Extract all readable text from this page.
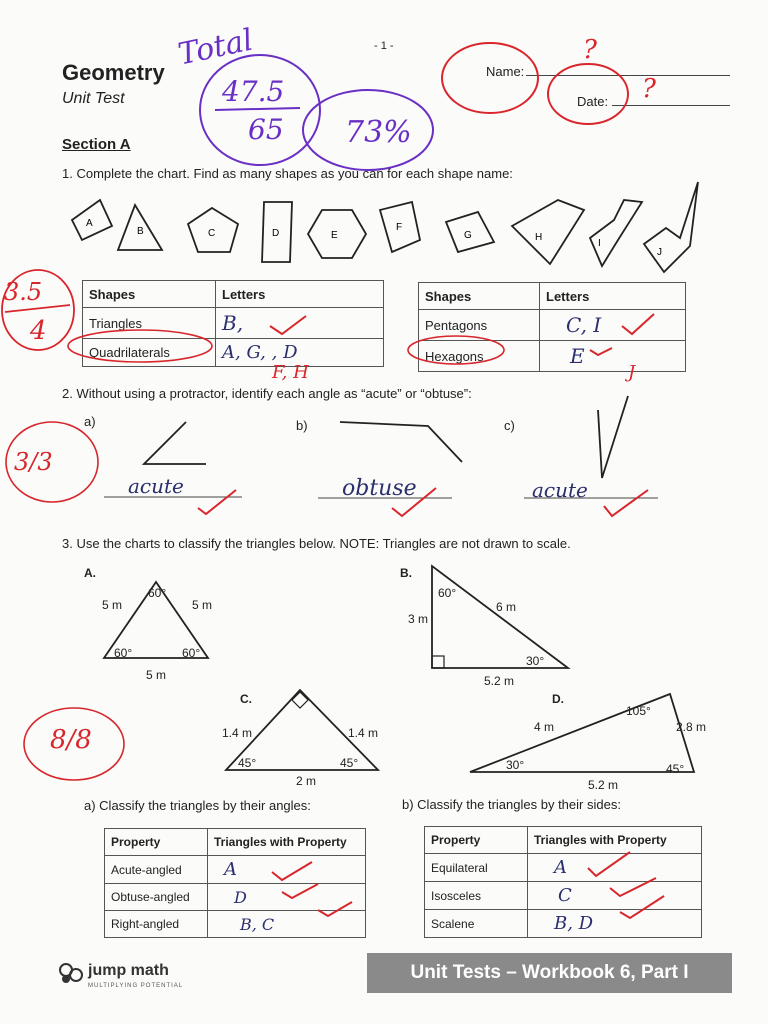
- 1 -
Geometry
Unit Test
Name:
?
Date: ?
Total
47.5
65 73%
Section A
1. Complete the chart. Find as many shapes as you can for each shape name:
A
B	C	D	E
F
G	H
I
J
3.5
4
Shapes	Letters
Triangles	B,
Quadrilaterals	A, G, , D
F, H
Shapes	Letters
Pentagons	C, I
Hexagons	E
J
2. Without using a protractor, identify each angle as “acute” or “obtuse”:
a)	b)	c)
3/3
acute	obtuse	acute
3. Use the charts to classify the triangles below. NOTE: Triangles are not drawn to scale.
8/8
A.
60°
5 m	5 m
60°	60°
5 m
B.
60°
3 m
6 m
30°
5.2 m
C.
1.4 m	1.4 m
45°	45°
2 m
D.
105°
4 m	2.8 m
30°	45°
5.2 m
a) Classify the triangles by their angles:	b) Classify the triangles by their sides:
Property	Triangles with Property
Acute-angled	A
Obtuse-angled	D
Right-angled	B, C
Property	Triangles with Property
Equilateral	A
Isosceles	C
Scalene	B, D
jump math
MULTIPLYING POTENTIAL
Unit Tests – Workbook 6, Part I
